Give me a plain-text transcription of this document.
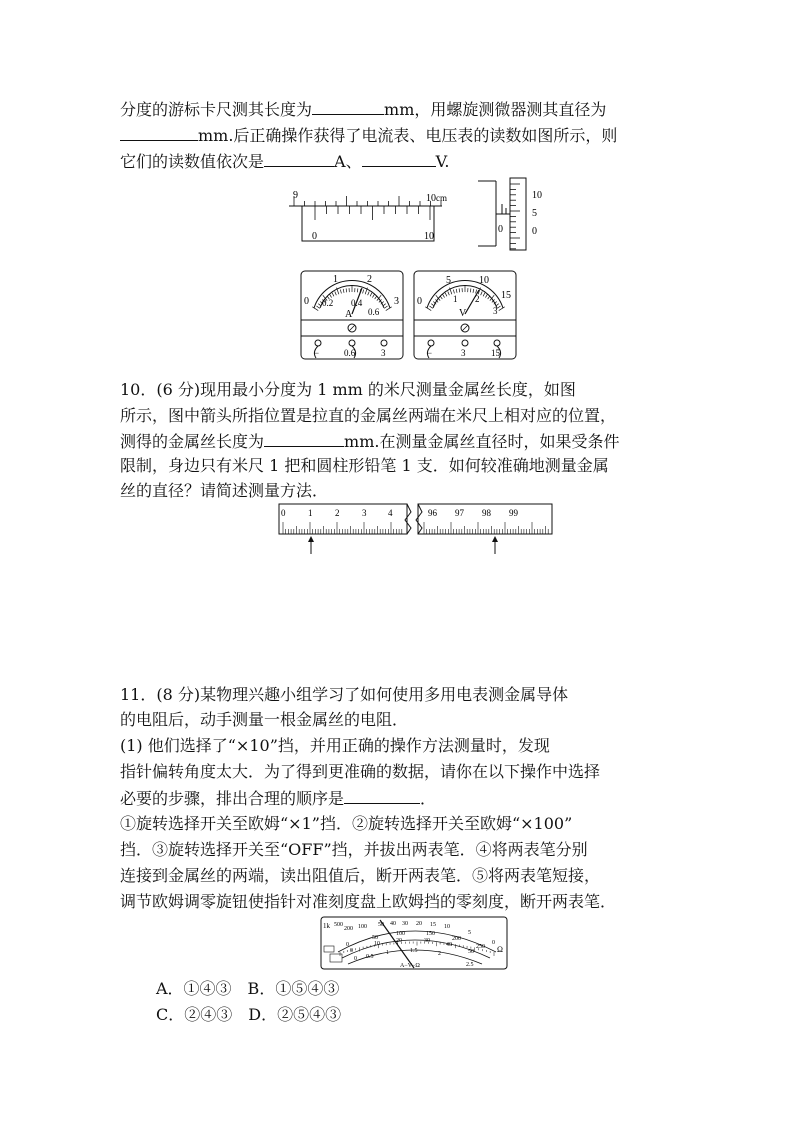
分度的游标卡尺测其长度为	mm，用螺旋测微器测其直径为
mm.后正确操作获得了电流表、电压表的读数如图所示，则
它们的读数值依次是	A、	V.
9	10 cm
0	10
0
10
5
0
0
1	2
3
0.2 0.4
0.6
A
−	0.6	3
0
5	10
15
1 2
3
V
−	3	15
10．(6 分)现用最小分度为 1 mm 的米尺测量金属丝长度，如图
所示，图中箭头所指位置是拉直的金属丝两端在米尺上相对应的位置，
测得的金属丝长度为	mm.在测量金属丝直径时，如果受条件
限制，身边只有米尺 1 把和圆柱形铅笔 1 支．如何较准确地测量金属
丝的直径？请简述测量方法．
0	1	2	3 4	96 97 98 99
11．(8 分)某物理兴趣小组学习了如何使用多用电表测金属导体
的电阻后，动手测量一根金属丝的电阻．
(1) 他们选择了“×10”挡，并用正确的操作方法测量时，发现
指针偏转角度太大．为了得到更准确的数据，请你在以下操作中选择
必要的步骤，排出合理的顺序是	．
①旋转选择开关至欧姆“×1”挡．②旋转选择开关至欧姆“×100”
挡．③旋转选择开关至“OFF”挡，并拔出两表笔．④将两表笔分别
连接到金属丝的两端，读出阻值后，断开两表笔．⑤将两表笔短接，
调节欧姆调零旋钮使指针对准刻度盘上欧姆挡的零刻度，断开两表笔．
1k 500
200 100 50 40 30 20 15 10
5
0
Ω
0
50
100	150
200
250
0
10	20	30
40
50
0 0.5
1	1.5	2
2.5
A−V−Ω
A．①④③　B．①⑤④③
C．②④③　D．②⑤④③
